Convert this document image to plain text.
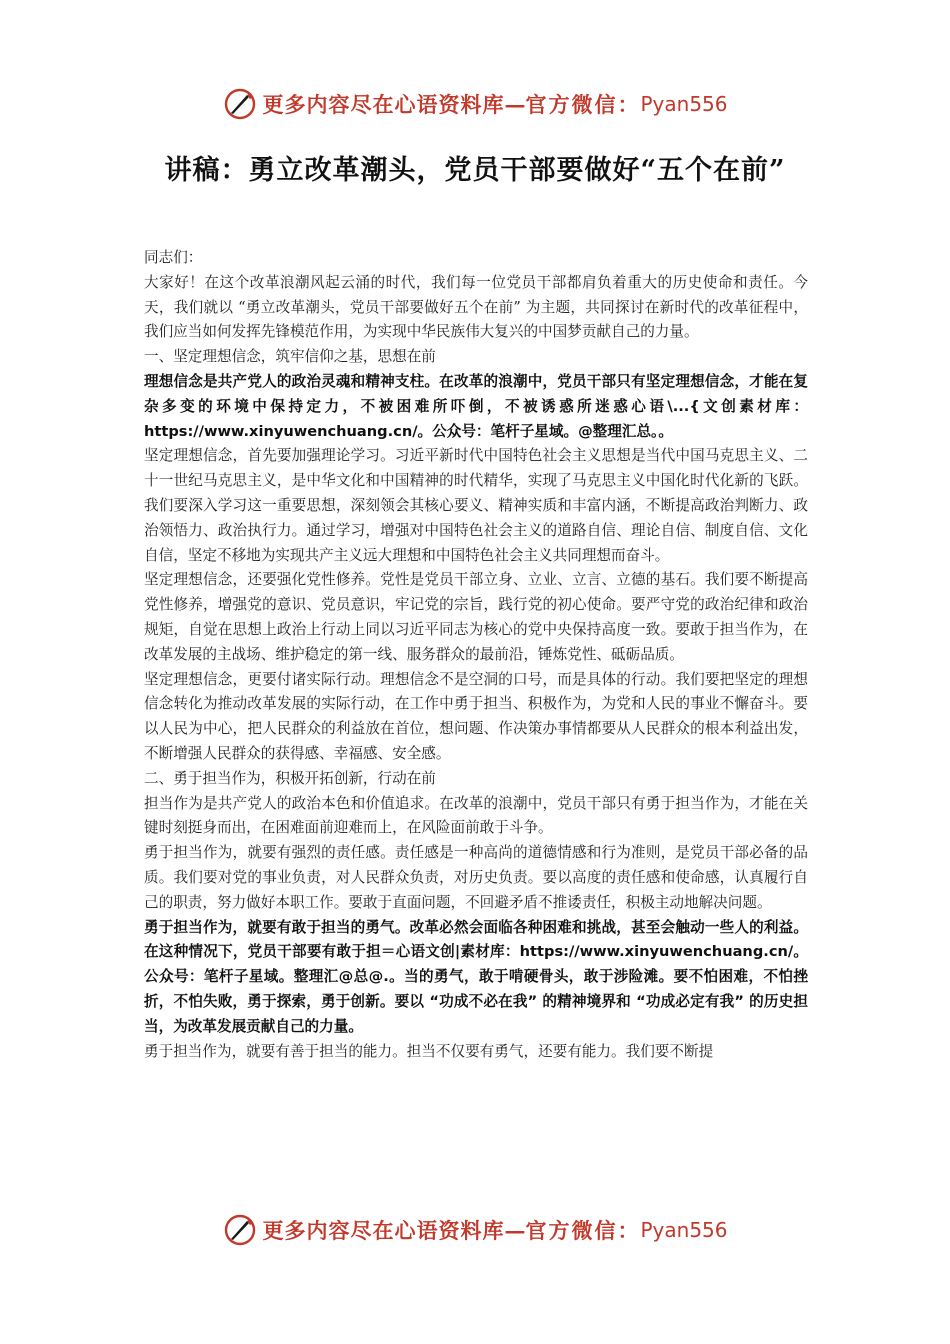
更多内容尽在心语资料库 — 官方微信： Pyan556
讲稿：勇立改革潮头，党员干部要做好“五个在前”

同志们：

大家好！在这个改革浪潮风起云涌的时代，我们每一位党员干部都肩负着重大的历史使命和责任。今天，我们就以 “勇立改革潮头，党员干部要做好五个在前” 为主题，共同探讨在新时代的改革征程中，我们应当如何发挥先锋模范作用，为实现中华民族伟大复兴的中国梦贡献自己的力量。

一、坚定理想信念，筑牢信仰之基，思想在前

理想信念是共产党人的政治灵魂和精神支柱。在改革的浪潮中，党员干部只有坚定理想信念，才能在复杂多变的环境中保持定力，不被困难所吓倒，不被诱惑所迷惑心语\...{文创素材库：https://www.xinyuwenchuang.cn/。公众号：笔杆子星域。@整理汇总。。

坚定理想信念，首先要加强理论学习。习近平新时代中国特色社会主义思想是当代中国马克思主义、二十一世纪马克思主义，是中华文化和中国精神的时代精华，实现了马克思主义中国化时代化新的飞跃。我们要深入学习这一重要思想，深刻领会其核心要义、精神实质和丰富内涵，不断提高政治判断力、政治领悟力、政治执行力。通过学习，增强对中国特色社会主义的道路自信、理论自信、制度自信、文化自信，坚定不移地为实现共产主义远大理想和中国特色社会主义共同理想而奋斗。

坚定理想信念，还要强化党性修养。党性是党员干部立身、立业、立言、立德的基石。我们要不断提高党性修养，增强党的意识、党员意识，牢记党的宗旨，践行党的初心使命。要严守党的政治纪律和政治规矩，自觉在思想上政治上行动上同以习近平同志为核心的党中央保持高度一致。要敢于担当作为，在改革发展的主战场、维护稳定的第一线、服务群众的最前沿，锤炼党性、砥砺品质。

坚定理想信念，更要付诸实际行动。理想信念不是空洞的口号，而是具体的行动。我们要把坚定的理想信念转化为推动改革发展的实际行动，在工作中勇于担当、积极作为，为党和人民的事业不懈奋斗。要以人民为中心，把人民群众的利益放在首位，想问题、作决策办事情都要从人民群众的根本利益出发，不断增强人民群众的获得感、幸福感、安全感。

二、勇于担当作为，积极开拓创新，行动在前

担当作为是共产党人的政治本色和价值追求。在改革的浪潮中，党员干部只有勇于担当作为，才能在关键时刻挺身而出，在困难面前迎难而上，在风险面前敢于斗争。

勇于担当作为，就要有强烈的责任感。责任感是一种高尚的道德情感和行为准则，是党员干部必备的品质。我们要对党的事业负责，对人民群众负责，对历史负责。要以高度的责任感和使命感，认真履行自己的职责，努力做好本职工作。要敢于直面问题，不回避矛盾不推诿责任，积极主动地解决问题。

勇于担当作为，就要有敢于担当的勇气。改革必然会面临各种困难和挑战，甚至会触动一些人的利益。在这种情况下，党员干部要有敢于担＝心语文创|素材库：https://www.xinyuwenchuang.cn/。公众号：笔杆子星域。整理汇@总@.。当的勇气，敢于啃硬骨头，敢于涉险滩。要不怕困难，不怕挫折，不怕失败，勇于探索，勇于创新。要以 “功成不必在我” 的精神境界和 “功成必定有我” 的历史担当，为改革发展贡献自己的力量。

勇于担当作为，就要有善于担当的能力。担当不仅要有勇气，还要有能力。我们要不断提

更多内容尽在心语资料库 — 官方微信： Pyan556
